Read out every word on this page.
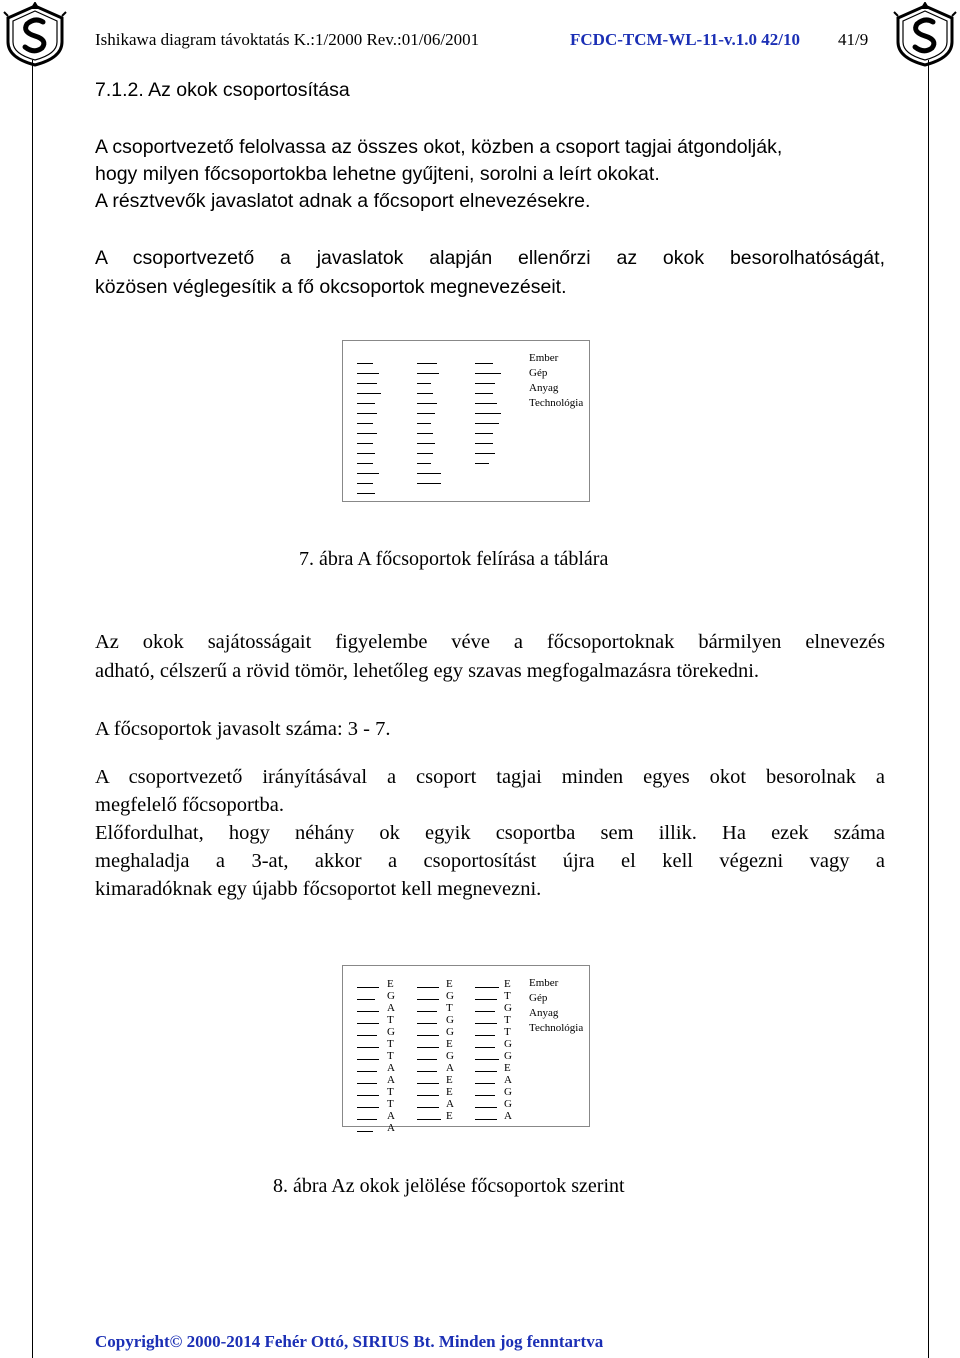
Ishikawa diagram távoktatás K.:1/2000 Rev.:01/06/2001	FCDC-TCM-WL-11-v.1.0 42/10 41/9
7.1.2. Az okok csoportosítása
A csoportvezető felolvassa az összes okot, közben a csoport tagjai átgondolják,
hogy milyen főcsoportokba lehetne gyűjteni, sorolni a leírt okokat.
A résztvevők javaslatot adnak a főcsoport elnevezésekre.
A csoportvezető a javaslatok alapján ellenőrzi az okok besorolhatóságát,
közösen véglegesítik a fő okcsoportok megnevezéseit.
Ember
Gép
Anyag
Technológia
7. ábra A főcsoportok felírása a táblára
Az okok sajátosságait figyelembe véve a főcsoportoknak bármilyen elnevezés
adható, célszerű a rövid tömör, lehetőleg egy szavas megfogalmazásra törekedni.
A főcsoportok javasolt száma: 3 - 7.
A csoportvezető irányításával a csoport tagjai minden egyes okot besorolnak a
megfelelő főcsoportba.
Előfordulhat, hogy néhány ok egyik csoportba sem illik. Ha ezek száma
meghaladja a 3-at, akkor a csoportosítást újra el kell végezni vagy a
kimaradóknak egy újabb főcsoportot kell megnevezni.
E
G
A
T
G
T
T
A
A
T
T
A
A
E
G
T
G
G
E
G
A
E
E
A
E
E
T
G
T
T
G
G
E
A
G
G
A
Ember
Gép
Anyag
Technológia
8. ábra Az okok jelölése főcsoportok szerint
Copyright© 2000-2014 Fehér Ottó, SIRIUS Bt. Minden jog fenntartva
